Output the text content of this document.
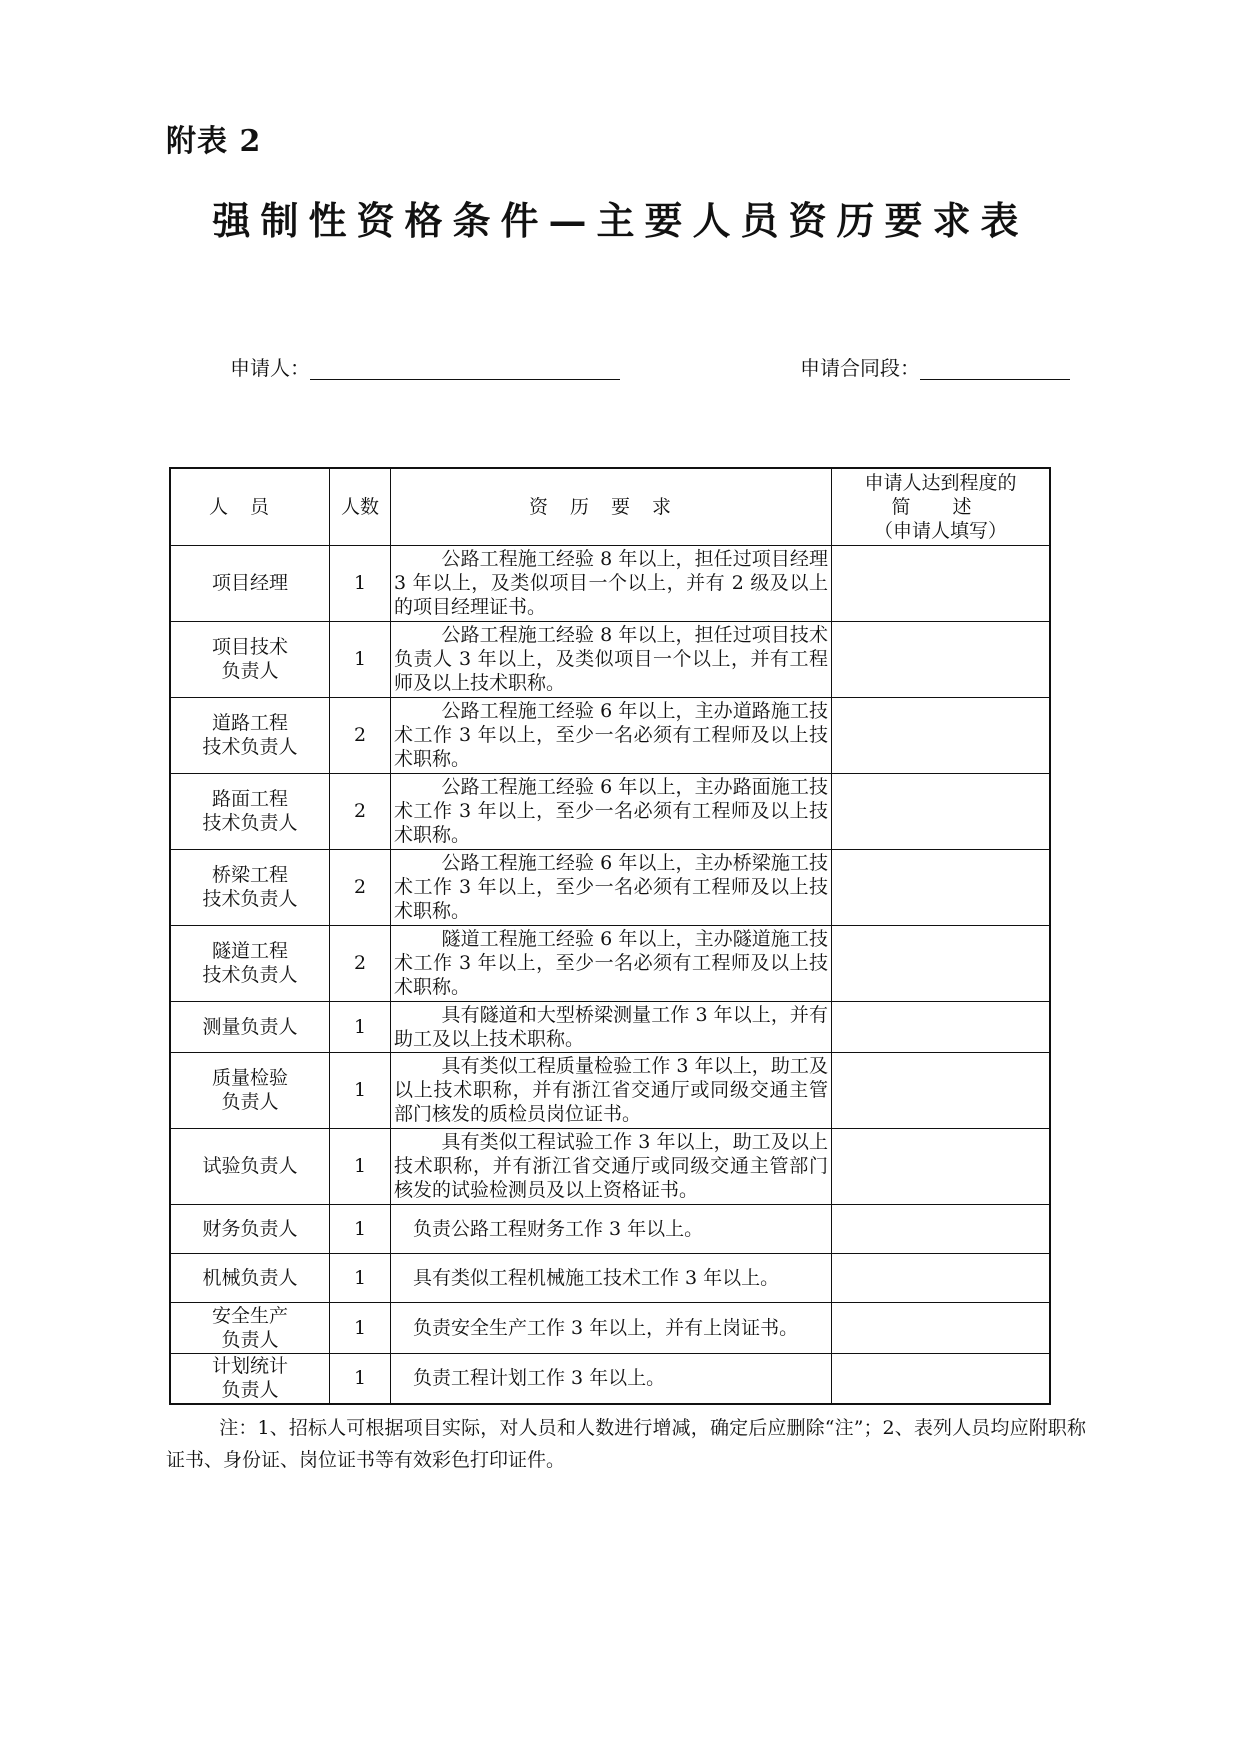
附表 2
强制性资格条件—主要人员资历要求表
申请人：	申请合同段：
人员	人数	资历要求	申请人达到程度的
简 述
（申请人填写）

项目经理	1	公路工程施工经验 8 年以上，担任过项目经理 3 年以上，及类似项目一个以上，并有 2 级及以上的项目经理证书。	

项目技术
负责人	1	公路工程施工经验 8 年以上，担任过项目技术负责人 3 年以上，及类似项目一个以上，并有工程师及以上技术职称。	

道路工程
技术负责人	2	公路工程施工经验 6 年以上，主办道路施工技术工作 3 年以上，至少一名必须有工程师及以上技术职称。	

路面工程
技术负责人	2	公路工程施工经验 6 年以上，主办路面施工技术工作 3 年以上，至少一名必须有工程师及以上技术职称。	

桥梁工程
技术负责人	2	公路工程施工经验 6 年以上，主办桥梁施工技术工作 3 年以上，至少一名必须有工程师及以上技术职称。	

隧道工程
技术负责人	2	隧道工程施工经验 6 年以上，主办隧道施工技术工作 3 年以上，至少一名必须有工程师及以上技术职称。	

测量负责人	1	具有隧道和大型桥梁测量工作 3 年以上，并有助工及以上技术职称。	

质量检验
负责人	1	具有类似工程质量检验工作 3 年以上，助工及以上技术职称，并有浙江省交通厅或同级交通主管部门核发的质检员岗位证书。	

试验负责人	1	具有类似工程试验工作 3 年以上，助工及以上技术职称，并有浙江省交通厅或同级交通主管部门核发的试验检测员及以上资格证书。	

财务负责人	1	负责公路工程财务工作 3 年以上。	

机械负责人	1	具有类似工程机械施工技术工作 3 年以上。	

安全生产
负责人	1	负责安全生产工作 3 年以上，并有上岗证书。	

计划统计
负责人	1	负责工程计划工作 3 年以上。	

注：1、招标人可根据项目实际，对人员和人数进行增减，确定后应删除“注”；2、表列人员均应附职称证书、身份证、岗位证书等有效彩色打印证件。
